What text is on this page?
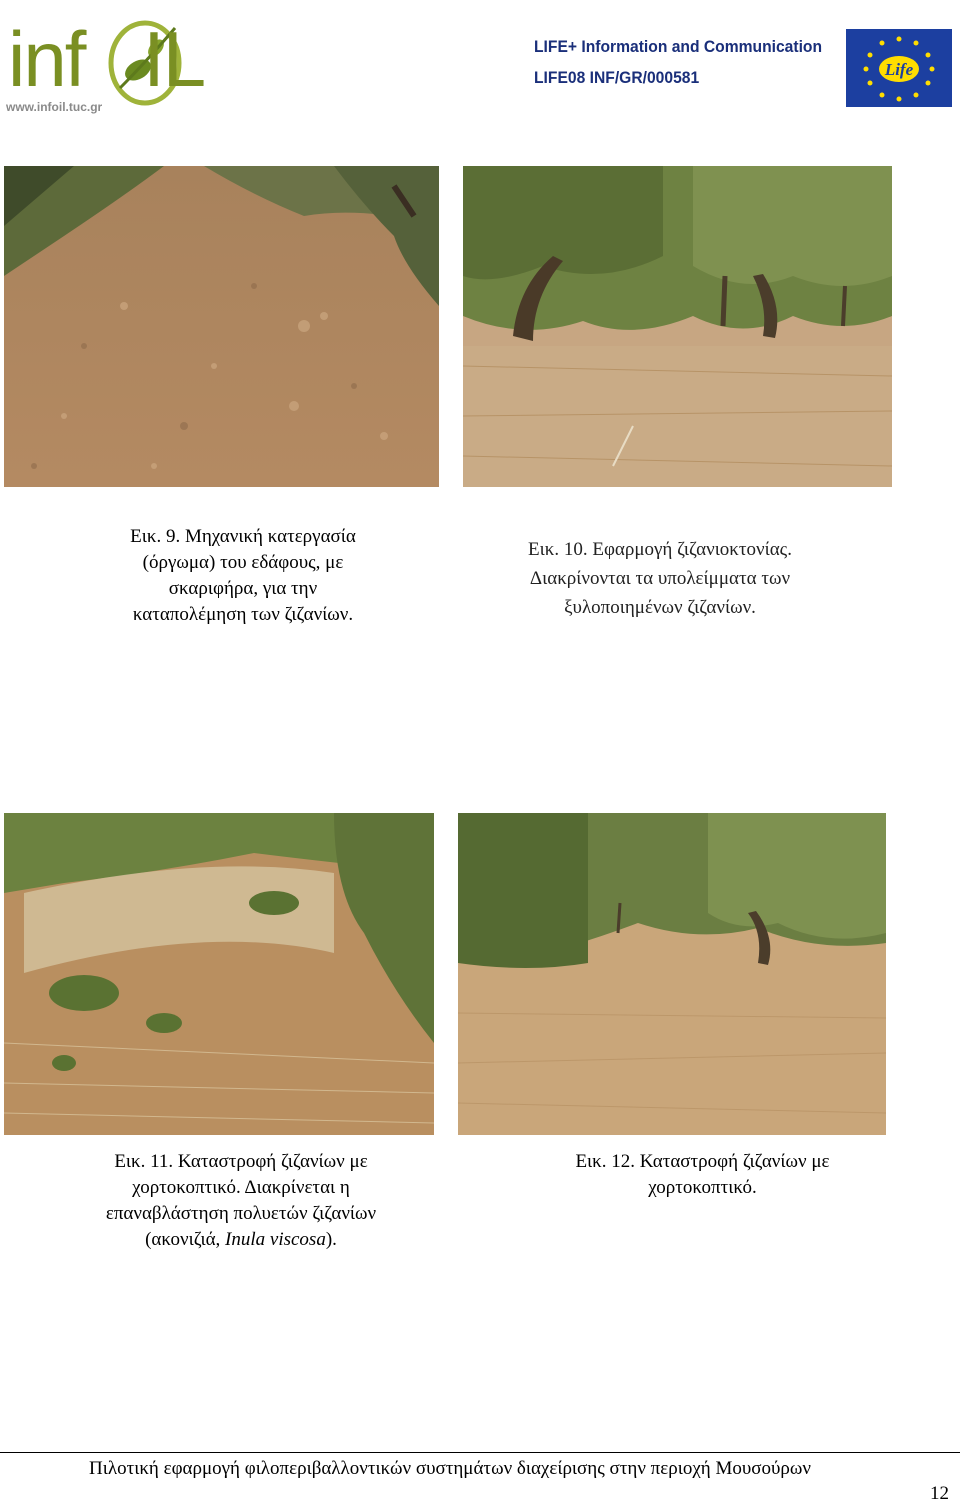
inf IL
www.infoil.tuc.gr
LIFE+ Information and Communication
LIFE08 INF/GR/000581	Life
Εικ. 9. Μηχανική κατεργασία
(όργωμα) του εδάφους, με
σκαριφήρα, για την
καταπολέμηση των ζιζανίων.
Εικ. 10. Εφαρμογή ζιζανιοκτονίας.
Διακρίνονται τα υπολείμματα των
ξυλοποιημένων ζιζανίων.
Εικ. 11. Καταστροφή ζιζανίων με
χορτοκοπτικό. Διακρίνεται η
επαναβλάστηση πολυετών ζιζανίων
(ακονιζιά, Inula viscosa).
Εικ. 12. Καταστροφή ζιζανίων με
χορτοκοπτικό.
Πιλοτική εφαρμογή φιλοπεριβαλλοντικών συστημάτων διαχείρισης στην περιοχή Μουσούρων
12
